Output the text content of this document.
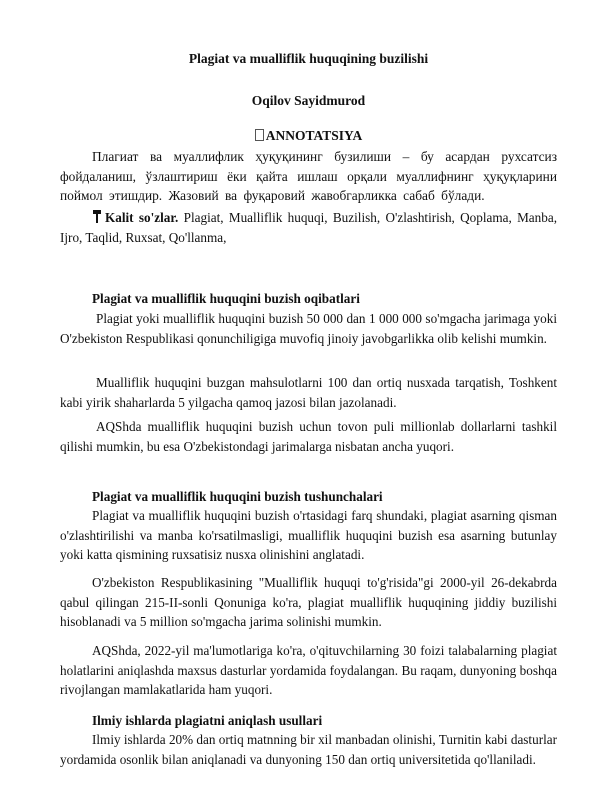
Plagiat va mualliflik huquqining buzilishi
Oqilov Sayidmurod
ANNOTATSIYA

Плагиат ва муаллифлик ҳуқуқининг бузилиши – бу асардан рухсатсиз фойдаланиш, ўзлаштириш ёки қайта ишлаш орқали муаллифнинг ҳуқуқларини поймол этишдир. Жазовий ва фуқаровий жавобгарликка сабаб бўлади.

Kalit so'zlar. Plagiat, Mualliflik huquqi, Buzilish, O'zlashtirish, Qoplama, Manba, Ijro, Taqlid, Ruxsat, Qo'llanma,

Plagiat va mualliflik huquqini buzish oqibatlari

Plagiat yoki mualliflik huquqini buzish 50 000 dan 1 000 000 so'mgacha jarimaga yoki O'zbekiston Respublikasi qonunchiligiga muvofiq jinoiy javobgarlikka olib kelishi mumkin.

Mualliflik huquqini buzgan mahsulotlarni 100 dan ortiq nusxada tarqatish, Toshkent kabi yirik shaharlarda 5 yilgacha qamoq jazosi bilan jazolanadi.

AQShda mualliflik huquqini buzish uchun tovon puli millionlab dollarlarni tashkil qilishi mumkin, bu esa O'zbekistondagi jarimalarga nisbatan ancha yuqori.

Plagiat va mualliflik huquqini buzish tushunchalari

Plagiat va mualliflik huquqini buzish o'rtasidagi farq shundaki, plagiat asarning qisman o'zlashtirilishi va manba ko'rsatilmasligi, mualliflik huquqini buzish esa asarning butunlay yoki katta qismining ruxsatisiz nusxa olinishini anglatadi.

O'zbekiston Respublikasining "Mualliflik huquqi to'g'risida"gi 2000-yil 26-dekabrda qabul qilingan 215-II-sonli Qonuniga ko'ra, plagiat mualliflik huquqining jiddiy buzilishi hisoblanadi va 5 million so'mgacha jarima solinishi mumkin.

AQShda, 2022-yil ma'lumotlariga ko'ra, o'qituvchilarning 30 foizi talabalarning plagiat holatlarini aniqlashda maxsus dasturlar yordamida foydalangan. Bu raqam, dunyoning boshqa rivojlangan mamlakatlarida ham yuqori.

Ilmiy ishlarda plagiatni aniqlash usullari

Ilmiy ishlarda 20% dan ortiq matnning bir xil manbadan olinishi, Turnitin kabi dasturlar yordamida osonlik bilan aniqlanadi va dunyoning 150 dan ortiq universitetida qo'llaniladi.
